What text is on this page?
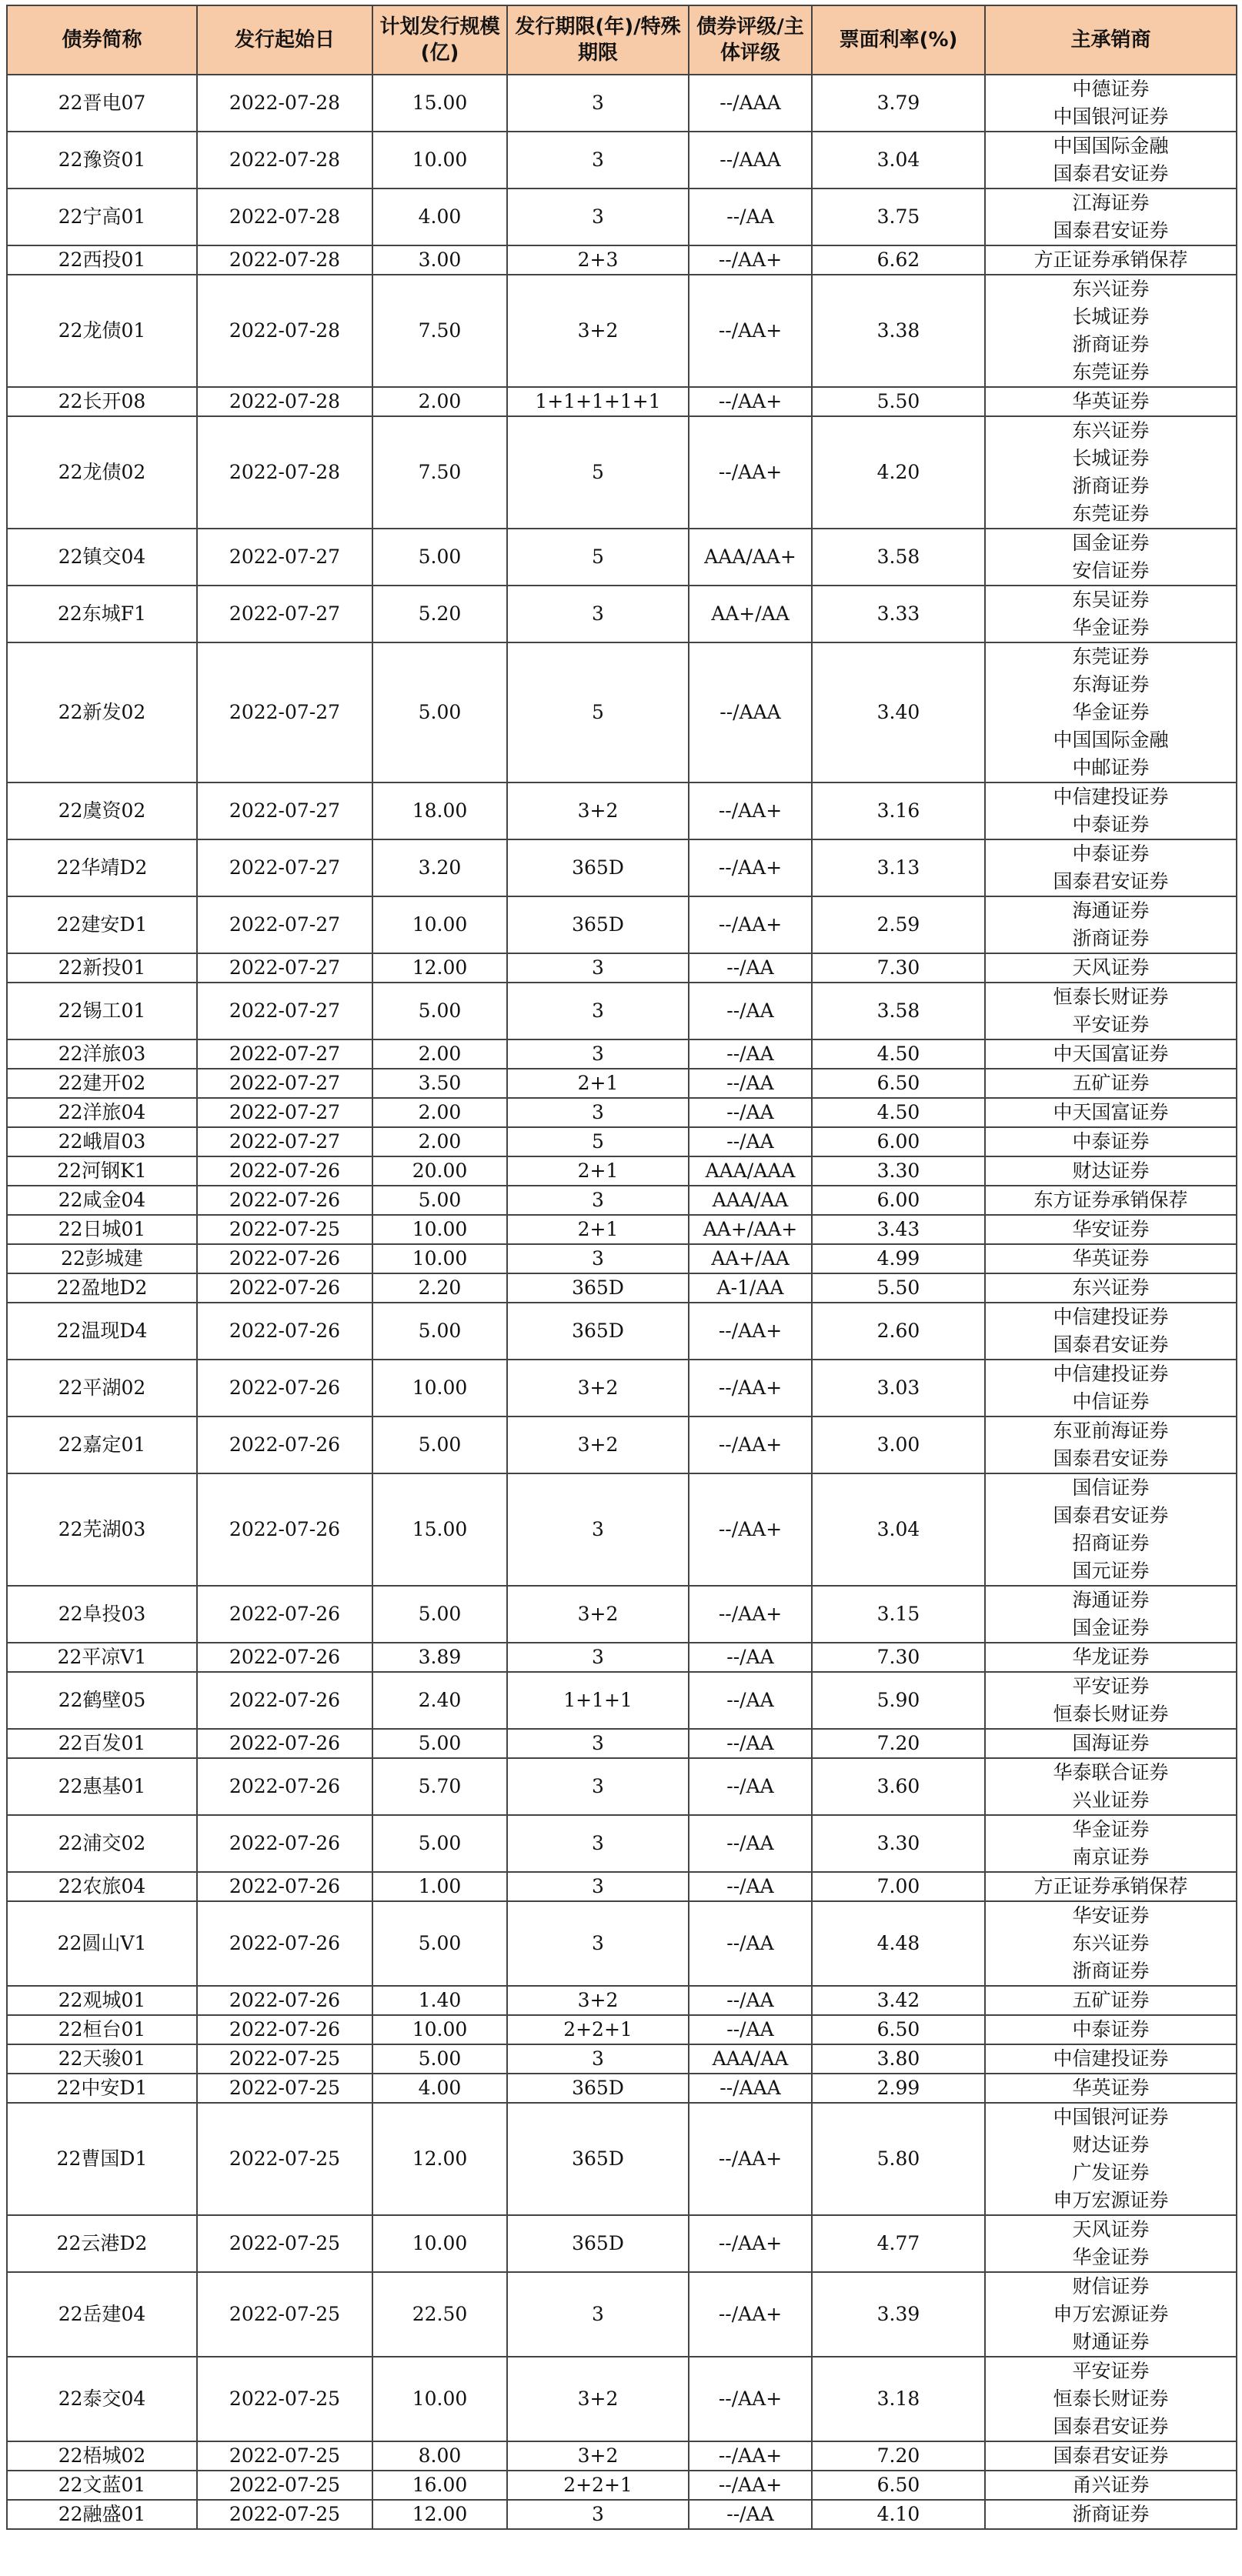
债券简称	发行起始日	计划发行规模(亿)	发行期限(年)/特殊期限	债券评级/主体评级	票面利率(%)	主承销商
22晋电07	2022-07-28	15.00	3	--/AAA	3.79	中德证券
中国银河证券

22豫资01	2022-07-28	10.00	3	--/AAA	3.04	中国国际金融
国泰君安证券

22宁高01	2022-07-28	4.00	3	--/AA	3.75	江海证券
国泰君安证券

22西投01	2022-07-28	3.00	2+3	--/AA+	6.62	方正证券承销保荐

22龙债01	2022-07-28	7.50	3+2	--/AA+	3.38	东兴证券
长城证券
浙商证券
东莞证券

22长开08	2022-07-28	2.00	1+1+1+1+1	--/AA+	5.50	华英证券

22龙债02	2022-07-28	7.50	5	--/AA+	4.20	东兴证券
长城证券
浙商证券
东莞证券

22镇交04	2022-07-27	5.00	5	AAA/AA+	3.58	国金证券
安信证券

22东城F1	2022-07-27	5.20	3	AA+/AA	3.33	东吴证券
华金证券

22新发02	2022-07-27	5.00	5	--/AAA	3.40	东莞证券
东海证券
华金证券
中国国际金融
中邮证券

22虞资02	2022-07-27	18.00	3+2	--/AA+	3.16	中信建投证券
中泰证券

22华靖D2	2022-07-27	3.20	365D	--/AA+	3.13	中泰证券
国泰君安证券

22建安D1	2022-07-27	10.00	365D	--/AA+	2.59	海通证券
浙商证券

22新投01	2022-07-27	12.00	3	--/AA	7.30	天风证券

22锡工01	2022-07-27	5.00	3	--/AA	3.58	恒泰长财证券
平安证券

22洋旅03	2022-07-27	2.00	3	--/AA	4.50	中天国富证券

22建开02	2022-07-27	3.50	2+1	--/AA	6.50	五矿证券

22洋旅04	2022-07-27	2.00	3	--/AA	4.50	中天国富证券

22峨眉03	2022-07-27	2.00	5	--/AA	6.00	中泰证券

22河钢K1	2022-07-26	20.00	2+1	AAA/AAA	3.30	财达证券

22咸金04	2022-07-26	5.00	3	AAA/AA	6.00	东方证券承销保荐

22日城01	2022-07-25	10.00	2+1	AA+/AA+	3.43	华安证券

22彭城建	2022-07-26	10.00	3	AA+/AA	4.99	华英证券

22盈地D2	2022-07-26	2.20	365D	A-1/AA	5.50	东兴证券

22温现D4	2022-07-26	5.00	365D	--/AA+	2.60	中信建投证券
国泰君安证券

22平湖02	2022-07-26	10.00	3+2	--/AA+	3.03	中信建投证券
中信证券

22嘉定01	2022-07-26	5.00	3+2	--/AA+	3.00	东亚前海证券
国泰君安证券

22芜湖03	2022-07-26	15.00	3	--/AA+	3.04	国信证券
国泰君安证券
招商证券
国元证券

22阜投03	2022-07-26	5.00	3+2	--/AA+	3.15	海通证券
国金证券

22平凉V1	2022-07-26	3.89	3	--/AA	7.30	华龙证券

22鹤壁05	2022-07-26	2.40	1+1+1	--/AA	5.90	平安证券
恒泰长财证券

22百发01	2022-07-26	5.00	3	--/AA	7.20	国海证券

22惠基01	2022-07-26	5.70	3	--/AA	3.60	华泰联合证券
兴业证券

22浦交02	2022-07-26	5.00	3	--/AA	3.30	华金证券
南京证券

22农旅04	2022-07-26	1.00	3	--/AA	7.00	方正证券承销保荐

22圆山V1	2022-07-26	5.00	3	--/AA	4.48	华安证券
东兴证券
浙商证券

22观城01	2022-07-26	1.40	3+2	--/AA	3.42	五矿证券

22桓台01	2022-07-26	10.00	2+2+1	--/AA	6.50	中泰证券

22天骏01	2022-07-25	5.00	3	AAA/AA	3.80	中信建投证券

22中安D1	2022-07-25	4.00	365D	--/AAA	2.99	华英证券

22曹国D1	2022-07-25	12.00	365D	--/AA+	5.80	中国银河证券
财达证券
广发证券
申万宏源证券

22云港D2	2022-07-25	10.00	365D	--/AA+	4.77	天风证券
华金证券

22岳建04	2022-07-25	22.50	3	--/AA+	3.39	财信证券
申万宏源证券
财通证券

22泰交04	2022-07-25	10.00	3+2	--/AA+	3.18	平安证券
恒泰长财证券
国泰君安证券

22梧城02	2022-07-25	8.00	3+2	--/AA+	7.20	国泰君安证券

22文蓝01	2022-07-25	16.00	2+2+1	--/AA+	6.50	甬兴证券

22融盛01	2022-07-25	12.00	3	--/AA	4.10	浙商证券
